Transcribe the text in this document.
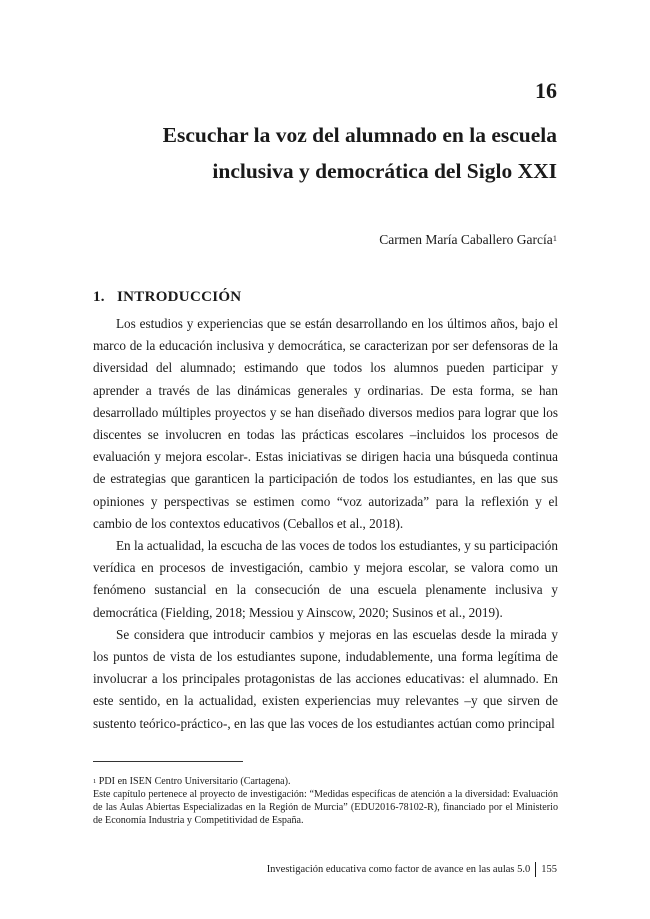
16
Escuchar la voz del alumnado en la escuela
inclusiva y democrática del Siglo XXI
Carmen María Caballero García$^1$
1.   INTRODUCCIÓN

Los estudios y experiencias que se están desarrollando en los últimos años, bajo el marco de la educación inclusiva y democrática, se caracterizan por ser defensoras de la diversidad del alumnado; estimando que todos los alumnos pueden participar y aprender a través de las dinámicas generales y ordinarias. De esta forma, se han desarrollado múltiples proyectos y se han diseñado diversos medios para lograr que los discentes se involucren en todas las prácticas escolares –incluidos los procesos de evaluación y mejora escolar-. Estas iniciativas se dirigen hacia una búsqueda continua de estrategias que garanticen la participación de todos los estudiantes, en las que sus opiniones y perspectivas se estimen como “voz autorizada” para la reflexión y el cambio de los contextos educativos (Ceballos et al., 2018).

En la actualidad, la escucha de las voces de todos los estudiantes, y su participación verídica en procesos de investigación, cambio y mejora escolar, se valora como un fenómeno sustancial en la consecución de una escuela plenamente inclusiva y democrática (Fielding, 2018; Messiou y Ainscow, 2020; Susinos et al., 2019).

Se considera que introducir cambios y mejoras en las escuelas desde la mirada y los puntos de vista de los estudiantes supone, indudablemente, una forma legítima de involucrar a los principales protagonistas de las acciones educativas: el alumnado. En este sentido, en la actualidad, existen experiencias muy relevantes –y que sirven de sustento teórico-práctico-, en las que las voces de los estudiantes actúan como principal

$^1$ PDI en ISEN Centro Universitario (Cartagena).

Este capítulo pertenece al proyecto de investigación: “Medidas específicas de atención a la diversidad: Evaluación de las Aulas Abiertas Especializadas en la Región de Murcia” (EDU2016-78102-R), financiado por el Ministerio de Economía Industria y Competitividad de España.

Investigación educativa como factor de avance en las aulas 5.0 155
